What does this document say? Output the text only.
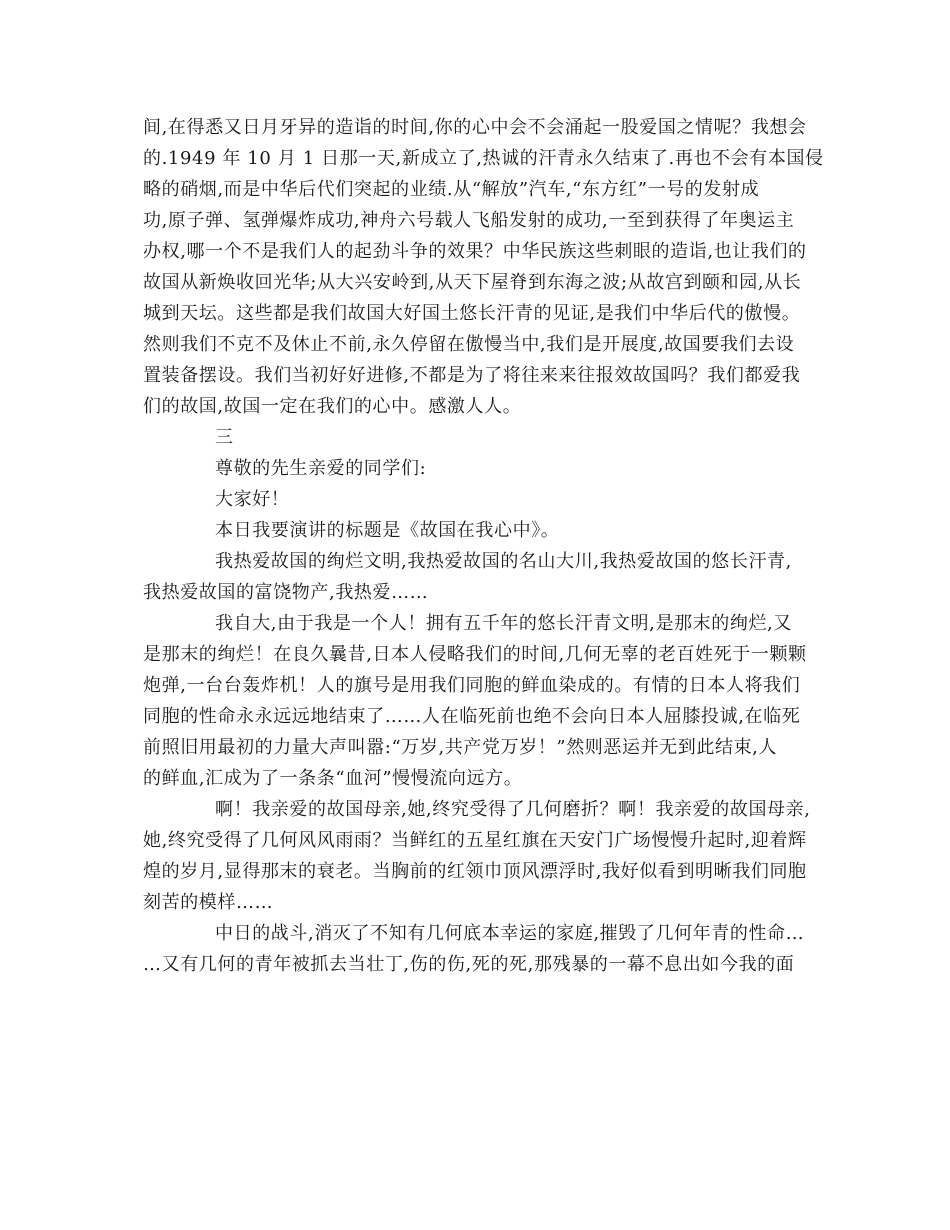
间,在得悉又日月牙异的造诣的时间,你的心中会不会涌起一股爱国之情呢？我想会
的.1949 年 10 月 1 日那一天,新成立了,热诚的汗青永久结束了.再也不会有本国侵
略的硝烟,而是中华后代们突起的业绩.从“解放”汽车,“东方红”一号的发射成
功,原子弹、氢弹爆炸成功,神舟六号载人飞船发射的成功,一至到获得了年奥运主
办权,哪一个不是我们人的起劲斗争的效果？中华民族这些刺眼的造诣,也让我们的
故国从新焕收回光华;从大兴安岭到,从天下屋脊到东海之波;从故宫到颐和园,从长
城到天坛。这些都是我们故国大好国土悠长汗青的见证,是我们中华后代的傲慢。
然则我们不克不及休止不前,永久停留在傲慢当中,我们是开展度,故国要我们去设
置装备摆设。我们当初好好进修,不都是为了将往来来往报效故国吗？我们都爱我
们的故国,故国一定在我们的心中。感激人人。
三
尊敬的先生亲爱的同学们:
大家好！
本日我要演讲的标题是《故国在我心中》。
我热爱故国的绚烂文明,我热爱故国的名山大川,我热爱故国的悠长汗青,
我热爱故国的富饶物产,我热爱……
我自大,由于我是一个人！拥有五千年的悠长汗青文明,是那末的绚烂,又
是那末的绚烂！在良久曩昔,日本人侵略我们的时间,几何无辜的老百姓死于一颗颗
炮弹,一台台轰炸机！人的旗号是用我们同胞的鲜血染成的。有情的日本人将我们
同胞的性命永永远远地结束了……人在临死前也绝不会向日本人屈膝投诚,在临死
前照旧用最初的力量大声叫嚣:“万岁,共产党万岁！”然则恶运并无到此结束,人
的鲜血,汇成为了一条条“血河”慢慢流向远方。
啊！我亲爱的故国母亲,她,终究受得了几何磨折？啊！我亲爱的故国母亲,
她,终究受得了几何风风雨雨？当鲜红的五星红旗在天安门广场慢慢升起时,迎着辉
煌的岁月,显得那末的衰老。当胸前的红领巾顶风漂浮时,我好似看到明晰我们同胞
刻苦的模样……
中日的战斗,消灭了不知有几何底本幸运的家庭,摧毁了几何年青的性命…
…又有几何的青年被抓去当壮丁,伤的伤,死的死,那残暴的一幕不息出如今我的面
